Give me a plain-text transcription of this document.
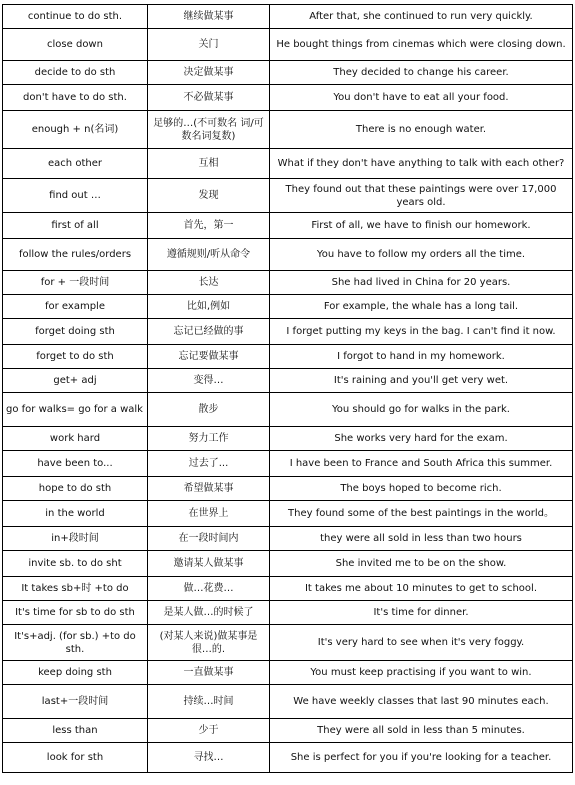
continue to do sth.	继续做某事	After that, she continued to run very quickly.
close down	关门	He bought things from cinemas which were closing down.
decide to do sth	决定做某事	They decided to change his career.
don't have to do sth.	不必做某事	You don't have to eat all your food.
enough + n(名词)	足够的…(不可数名 词/可数名词复数)	There is no enough water.
each other	互相	What if they don't have anything to talk with each other?
find out …	发现	They found out that these paintings were over 17,000 years old.
first of all	首先，第一	First of all, we have to finish our homework.
follow the rules/orders	遵循规则/听从命令	You have to follow my orders all the time.
for + 一段时间	长达	She had lived in China for 20 years.
for example	比如,例如	For example, the whale has a long tail.
forget doing sth	忘记已经做的事	I forget putting my keys in the bag. I can't find it now.
forget to do sth	忘记要做某事	I forgot to hand in my homework.
get+ adj	变得…	It's raining and you'll get very wet.
go for walks= go for a walk	散步	You should go for walks in the park.
work hard	努力工作	She works very hard for the exam.
have been to...	过去了...	I have been to France and South Africa this summer.
hope to do sth	希望做某事	The boys hoped to become rich.
in the world	在世界上	They found some of the best paintings in the world。
in+段时间	在一段时间内	they were all sold in less than two hours
invite sb. to do sht	邀请某人做某事	She invited me to be on the show.
It takes sb+时 +to do	做…花费…	It takes me about 10 minutes to get to school.
It's time for sb to do sth	是某人做…的时候了	It's time for dinner.
It's+adj. (for sb.) +to do sth.	(对某人来说)做某事是很…的.	It's very hard to see when it's very foggy.
keep doing sth	一直做某事	You must keep practising if you want to win.
last+一段时间	持续…时间	We have weekly classes that last 90 minutes each.
less than	少于	They were all sold in less than 5 minutes.
look for sth	寻找…	She is perfect for you if you're looking for a teacher.
